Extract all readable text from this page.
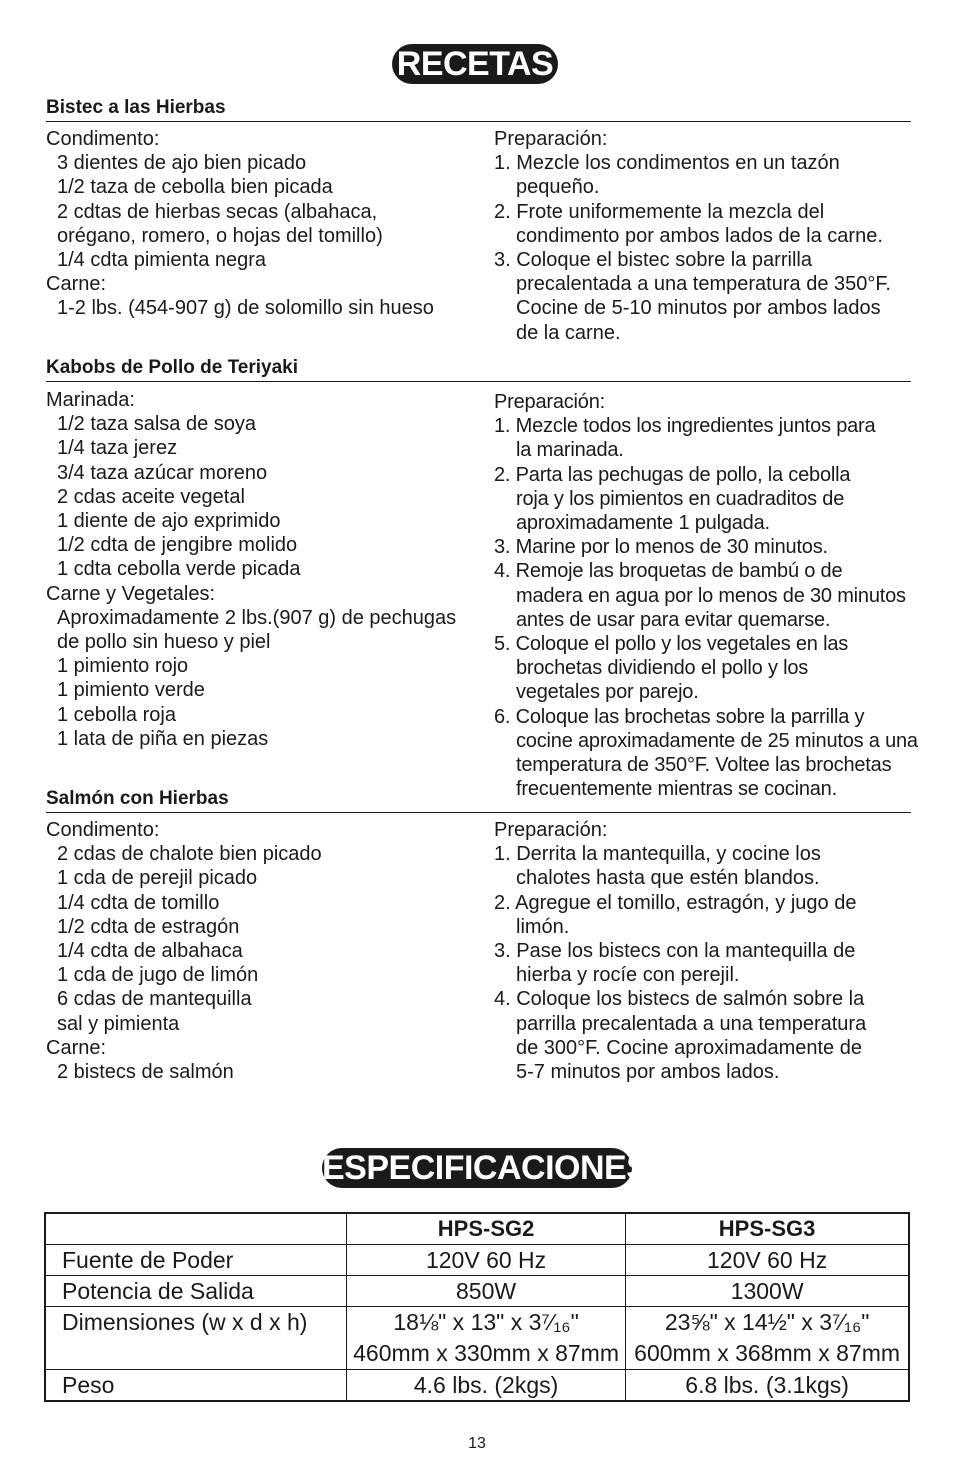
RECETAS
Bistec a las Hierbas
Condimento:
3 dientes de ajo bien picado
1/2 taza de cebolla bien picada
2 cdtas de hierbas secas (albahaca,
orégano, romero, o hojas del tomillo)
1/4 cdta pimienta negra
Carne:
1-2 lbs. (454-907 g) de solomillo sin hueso
Preparación:
1. Mezcle los condimentos en un tazón
pequeño.
2. Frote uniformemente la mezcla del
condimento por ambos lados de la carne.
3. Coloque el bistec sobre la parrilla
precalentada a una temperatura de 350°F.
Cocine de 5-10 minutos por ambos lados
de la carne.
Kabobs de Pollo de Teriyaki
Marinada:
1/2 taza salsa de soya
1/4 taza jerez
3/4 taza azúcar moreno
2 cdas aceite vegetal
1 diente de ajo exprimido
1/2 cdta de jengibre molido
1 cdta cebolla verde picada
Carne y Vegetales:
Aproximadamente 2 lbs.(907 g) de pechugas
de pollo sin hueso y piel
1 pimiento rojo
1 pimiento verde
1 cebolla roja
1 lata de piña en piezas
Preparación:
1. Mezcle todos los ingredientes juntos para
la marinada.
2. Parta las pechugas de pollo, la cebolla
roja y los pimientos en cuadraditos de
aproximadamente 1 pulgada.
3. Marine por lo menos de 30 minutos.
4. Remoje las broquetas de bambú o de
madera en agua por lo menos de 30 minutos
antes de usar para evitar quemarse.
5. Coloque el pollo y los vegetales en las
brochetas dividiendo el pollo y los
vegetales por parejo.
6. Coloque las brochetas sobre la parrilla y
cocine aproximadamente de 25 minutos a una
temperatura de 350°F. Voltee las brochetas
frecuentemente mientras se cocinan.
Salmón con Hierbas
Condimento:
2 cdas de chalote bien picado
1 cda de perejil picado
1/4 cdta de tomillo
1/2 cdta de estragón
1/4 cdta de albahaca
1 cda de jugo de limón
6 cdas de mantequilla
sal y pimienta
Carne:
2 bistecs de salmón
Preparación:
1. Derrita la mantequilla, y cocine los
chalotes hasta que estén blandos.
2. Agregue el tomillo, estragón, y jugo de
limón.
3. Pase los bistecs con la mantequilla de
hierba y rocíe con perejil.
4. Coloque los bistecs de salmón sobre la
parrilla precalentada a una temperatura
de 300°F. Cocine aproximadamente de
5-7 minutos por ambos lados.
ESPECIFICACIONES
	HPS-SG2	HPS-SG3
Fuente de Poder	120V 60 Hz	120V 60 Hz
Potencia de Salida	850W	1300W
Dimensiones (w x d x h)	18⅛" x 13" x 3⁷⁄₁₆"	23⅝" x 14½" x 3⁷⁄₁₆"
	460mm x 330mm x 87mm	600mm x 368mm x 87mm
Peso	4.6 lbs. (2kgs)	6.8 lbs. (3.1kgs)
13
